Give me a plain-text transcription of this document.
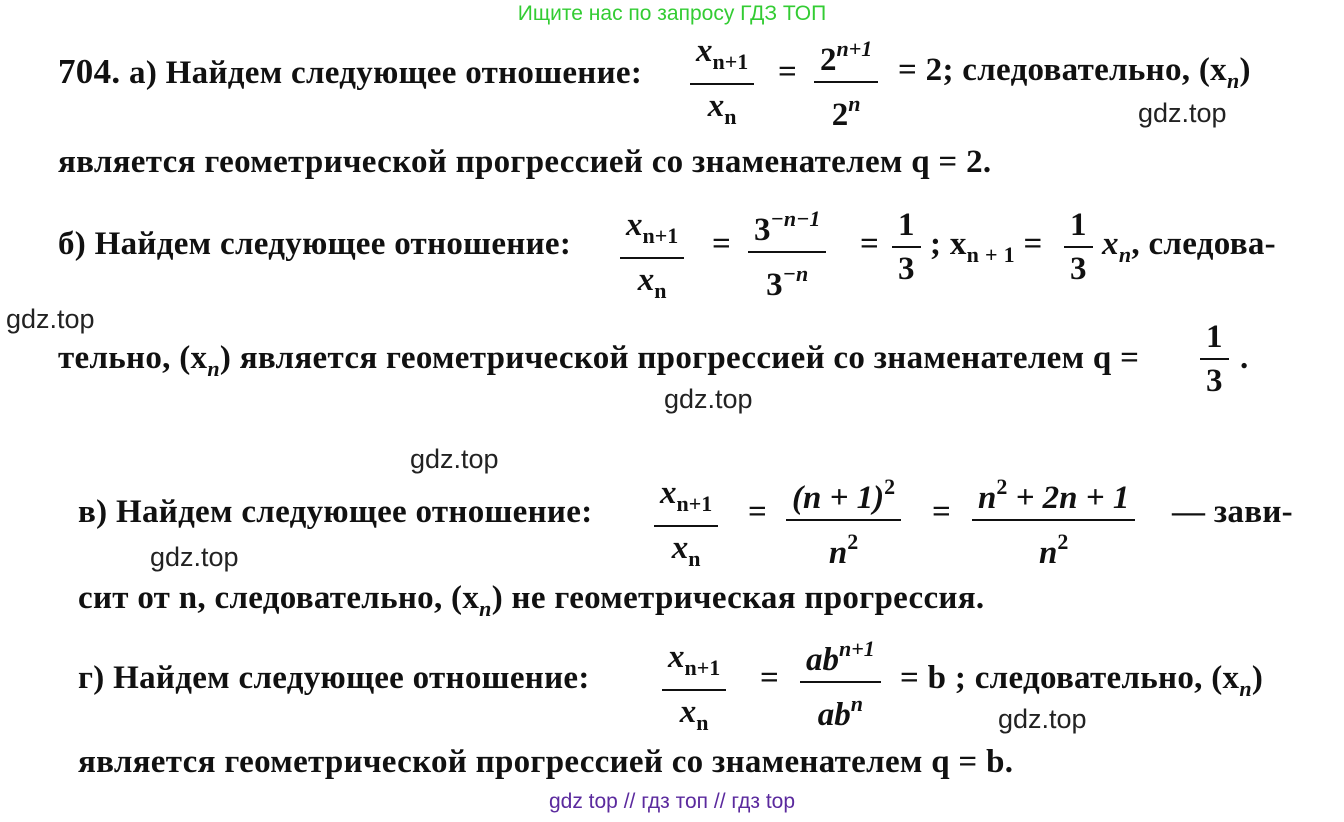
Ищите нас по запросу ГДЗ ТОП
704. а) Найдем следующее отношение: $\frac{x_{n+1}}{x_n} = \frac{2^{n+1}}{2^n} = 2$; следовательно, $(x_n)$
gdz.top
является геометрической прогрессией со знаменателем q = 2.
б) Найдем следующее отношение: $\frac{x_{n+1}}{x_n} = \frac{3^{-n-1}}{3^{-n}} = \frac{1}{3}$ ; $x_{n + 1} = \frac{1}{3} x_n$, следова-
gdz.top
тельно, $(x_n)$ является геометрической прогрессией со знаменателем $q = \frac{1}{3}$ .
gdz.top
gdz.top
в) Найдем следующее отношение: $\frac{x_{n+1}}{x_n} = \frac{(n + 1)^2}{n^2} = \frac{n^2 + 2n + 1}{n^2}$ — зави-
gdz.top
сит от n, следовательно, $(x_n)$ не геометрическая прогрессия.
г) Найдем следующее отношение: $\frac{x_{n+1}}{x_n} = ab^{n+1}$
$ab^n$
= b ; следовательно, $(x_n)$
gdz.top
является геометрической прогрессией со знаменателем q = b.
gdz top // гдз топ // гдз top
